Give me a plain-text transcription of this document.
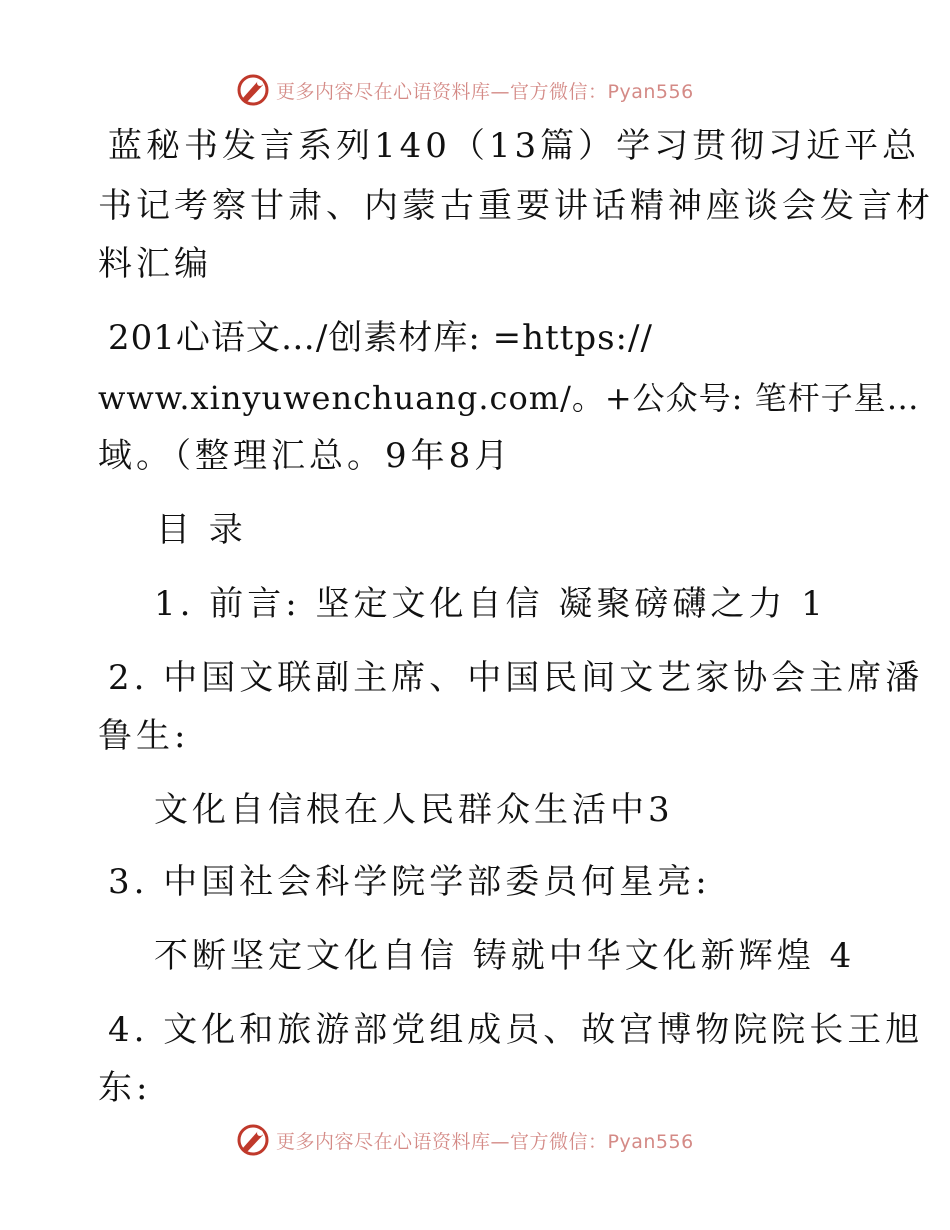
更多内容尽在心语资料库—官方微信：Pyan556
蓝秘书发言系列140（13篇）学习贯彻习近平总
书记考察甘肃、内蒙古重要讲话精神座谈会发言材
料汇编
201心语文…/创素材库: =https://
www.xinyuwenchuang.com/。+公众号: 笔杆子星…
域。（整理汇总。9年8月
目 录
1. 前言: 坚定文化自信 凝聚磅礴之力 1
2. 中国文联副主席、中国民间文艺家协会主席潘
鲁生:
文化自信根在人民群众生活中3
3. 中国社会科学院学部委员何星亮:
不断坚定文化自信 铸就中华文化新辉煌 4
4. 文化和旅游部党组成员、故宫博物院院长王旭
东:
更多内容尽在心语资料库—官方微信：Pyan556
